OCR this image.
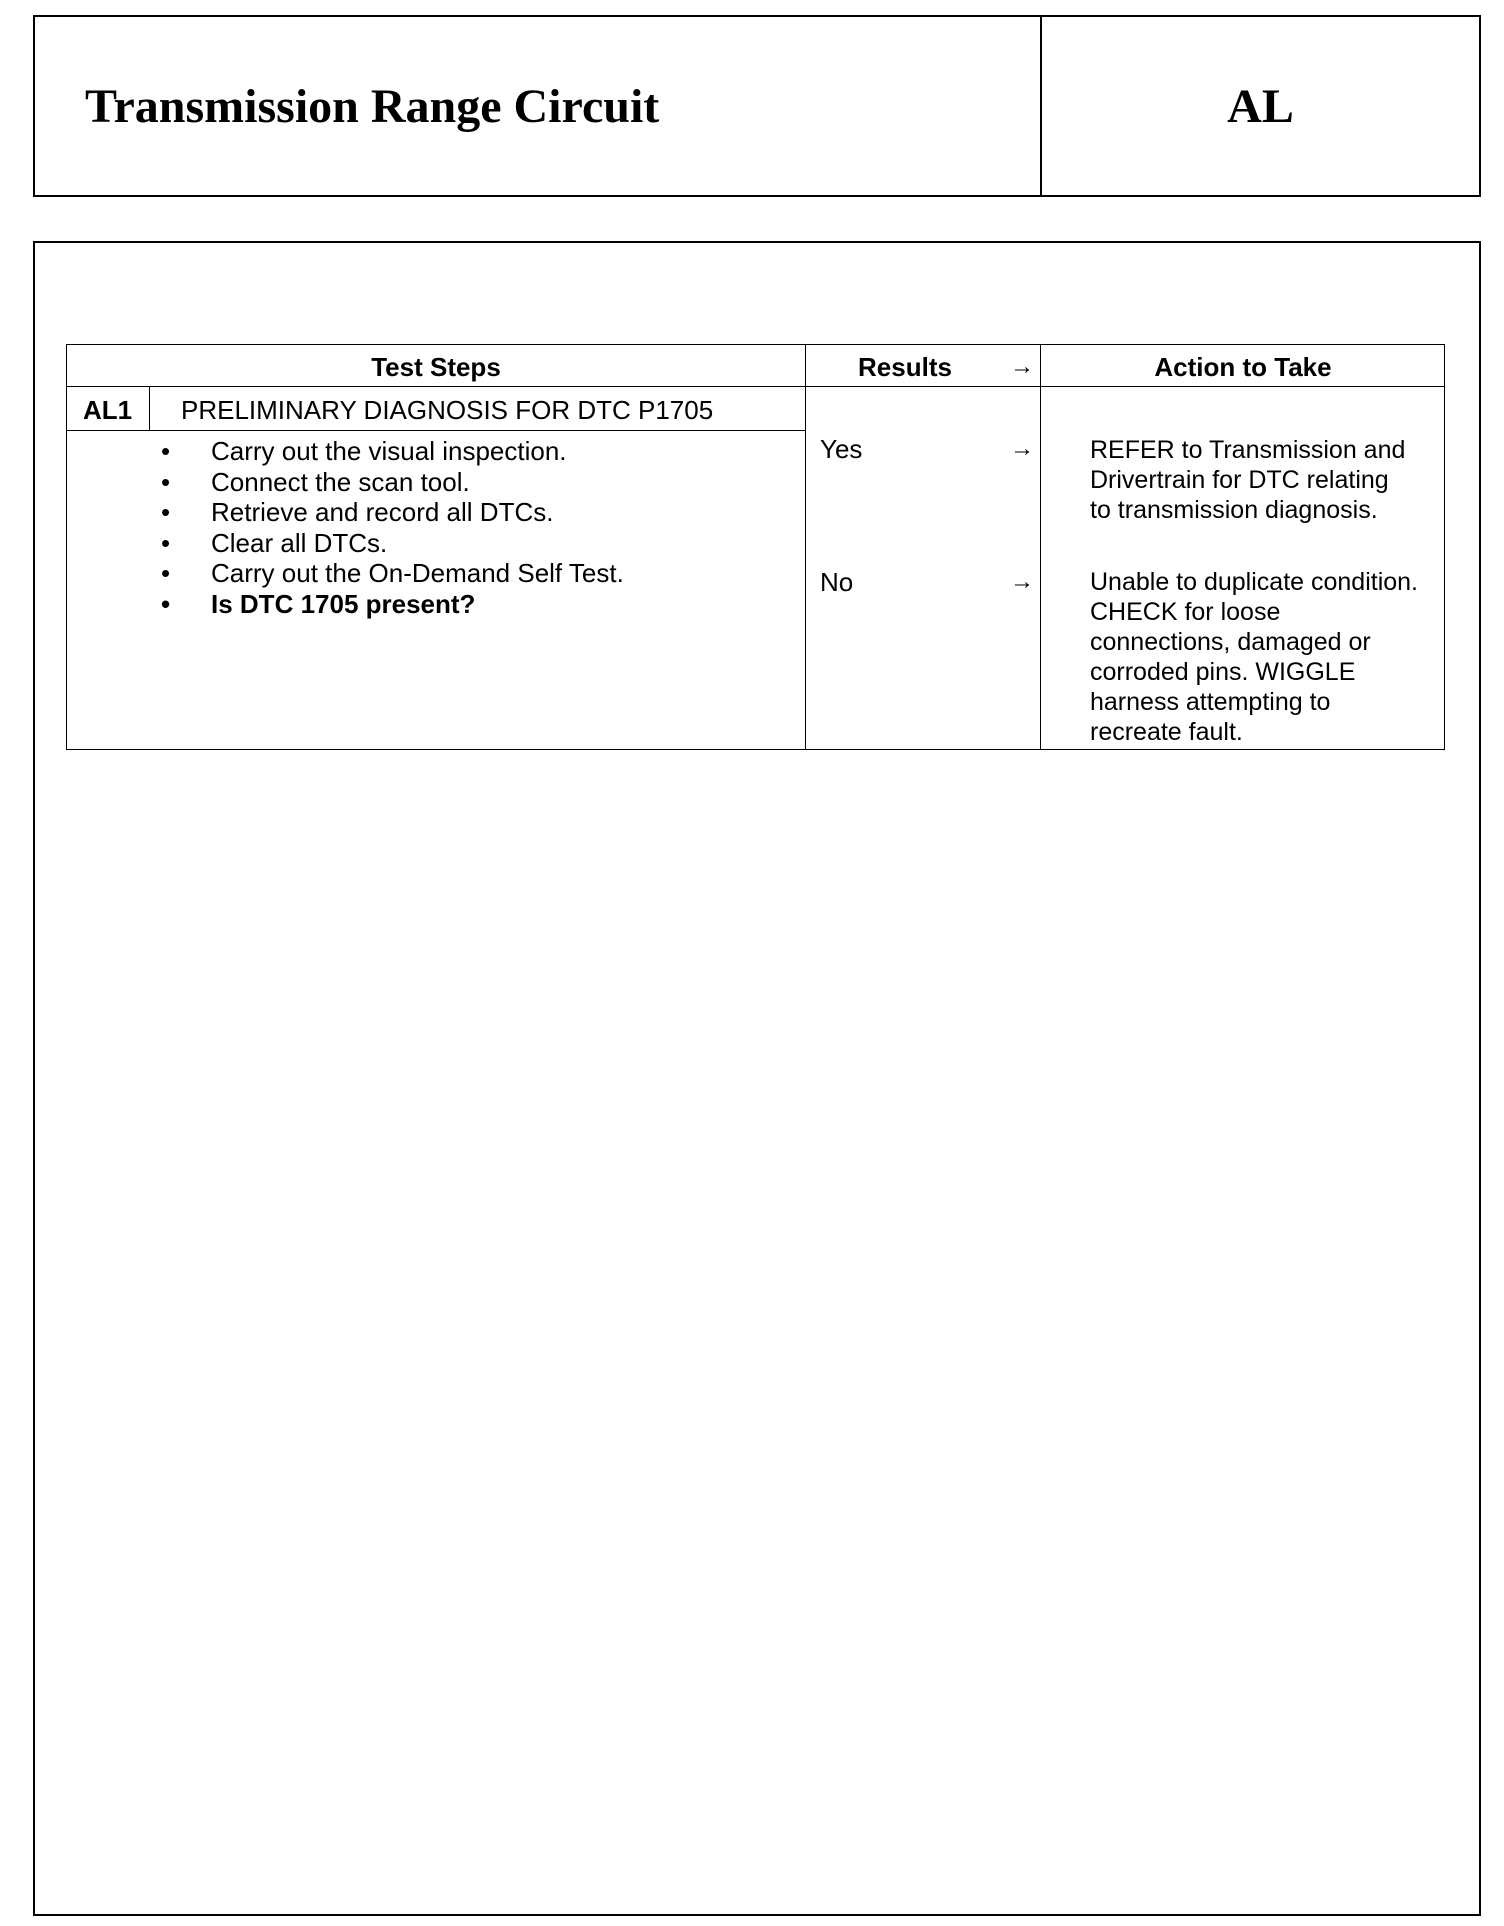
Transmission Range Circuit	AL
Test Steps	Results	→	Action to Take
AL1 PRELIMINARY DIAGNOSIS FOR DTC P1705
• Carry out the visual inspection.
• Connect the scan tool.
• Retrieve and record all DTCs.
• Clear all DTCs.
• Carry out the On-Demand Self Test.
• Is DTC 1705 present?
Yes	→ REFER to Transmission and
Drivertrain for DTC relating
to transmission diagnosis.
No	→ Unable to duplicate condition.
CHECK for loose
connections, damaged or
corroded pins. WIGGLE
harness attempting to
recreate fault.
